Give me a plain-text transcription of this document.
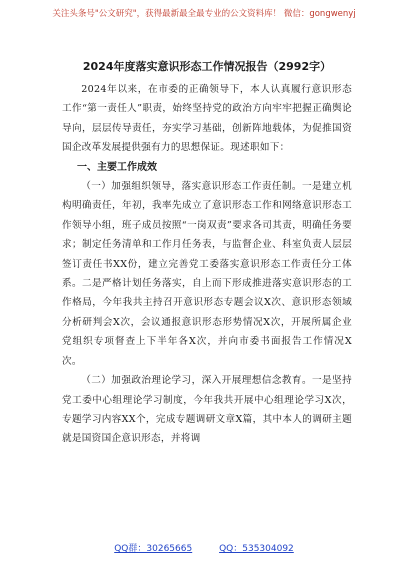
关注头条号"公文研究"，获得最新最全最专业的公文资料库！ 微信：gongwenyj
2024年度落实意识形态工作情况报告（2992字）

2024年以来，在市委的正确领导下，本人认真履行意识形态工作“第一责任人”职责，始终坚持党的政治方向牢牢把握正确舆论导向，层层传导责任，夯实学习基础，创新阵地载体，为促推国资国企改革发展提供强有力的思想保证。现述职如下：

一、主要工作成效

（一）加强组织领导，落实意识形态工作责任制。一是建立机构明确责任，年初，我率先成立了意识形态工作和网络意识形态工作领导小组，班子成员按照“一岗双责”要求各司其责，明确任务要求；制定任务清单和工作月任务表，与监督企业、科室负责人层层签订责任书XX份，建立完善党工委落实意识形态工作责任分工体系。二是严格计划任务落实，自上而下形成推进落实意识形态的工作格局，今年我共主持召开意识形态专题会议X次、意识形态领域分析研判会X次，会议通报意识形态形势情况X次，开展所属企业党组织专项督查上下半年各X次，并向市委书面报告工作情况X次。

（二）加强政治理论学习，深入开展理想信念教育。一是坚持党工委中心组理论学习制度，今年我共开展中心组理论学习X次，专题学习内容XX个，完成专题调研文章X篇，其中本人的调研主题就是国资国企意识形态，并将调

QQ群：30265665	QQ：535304092
